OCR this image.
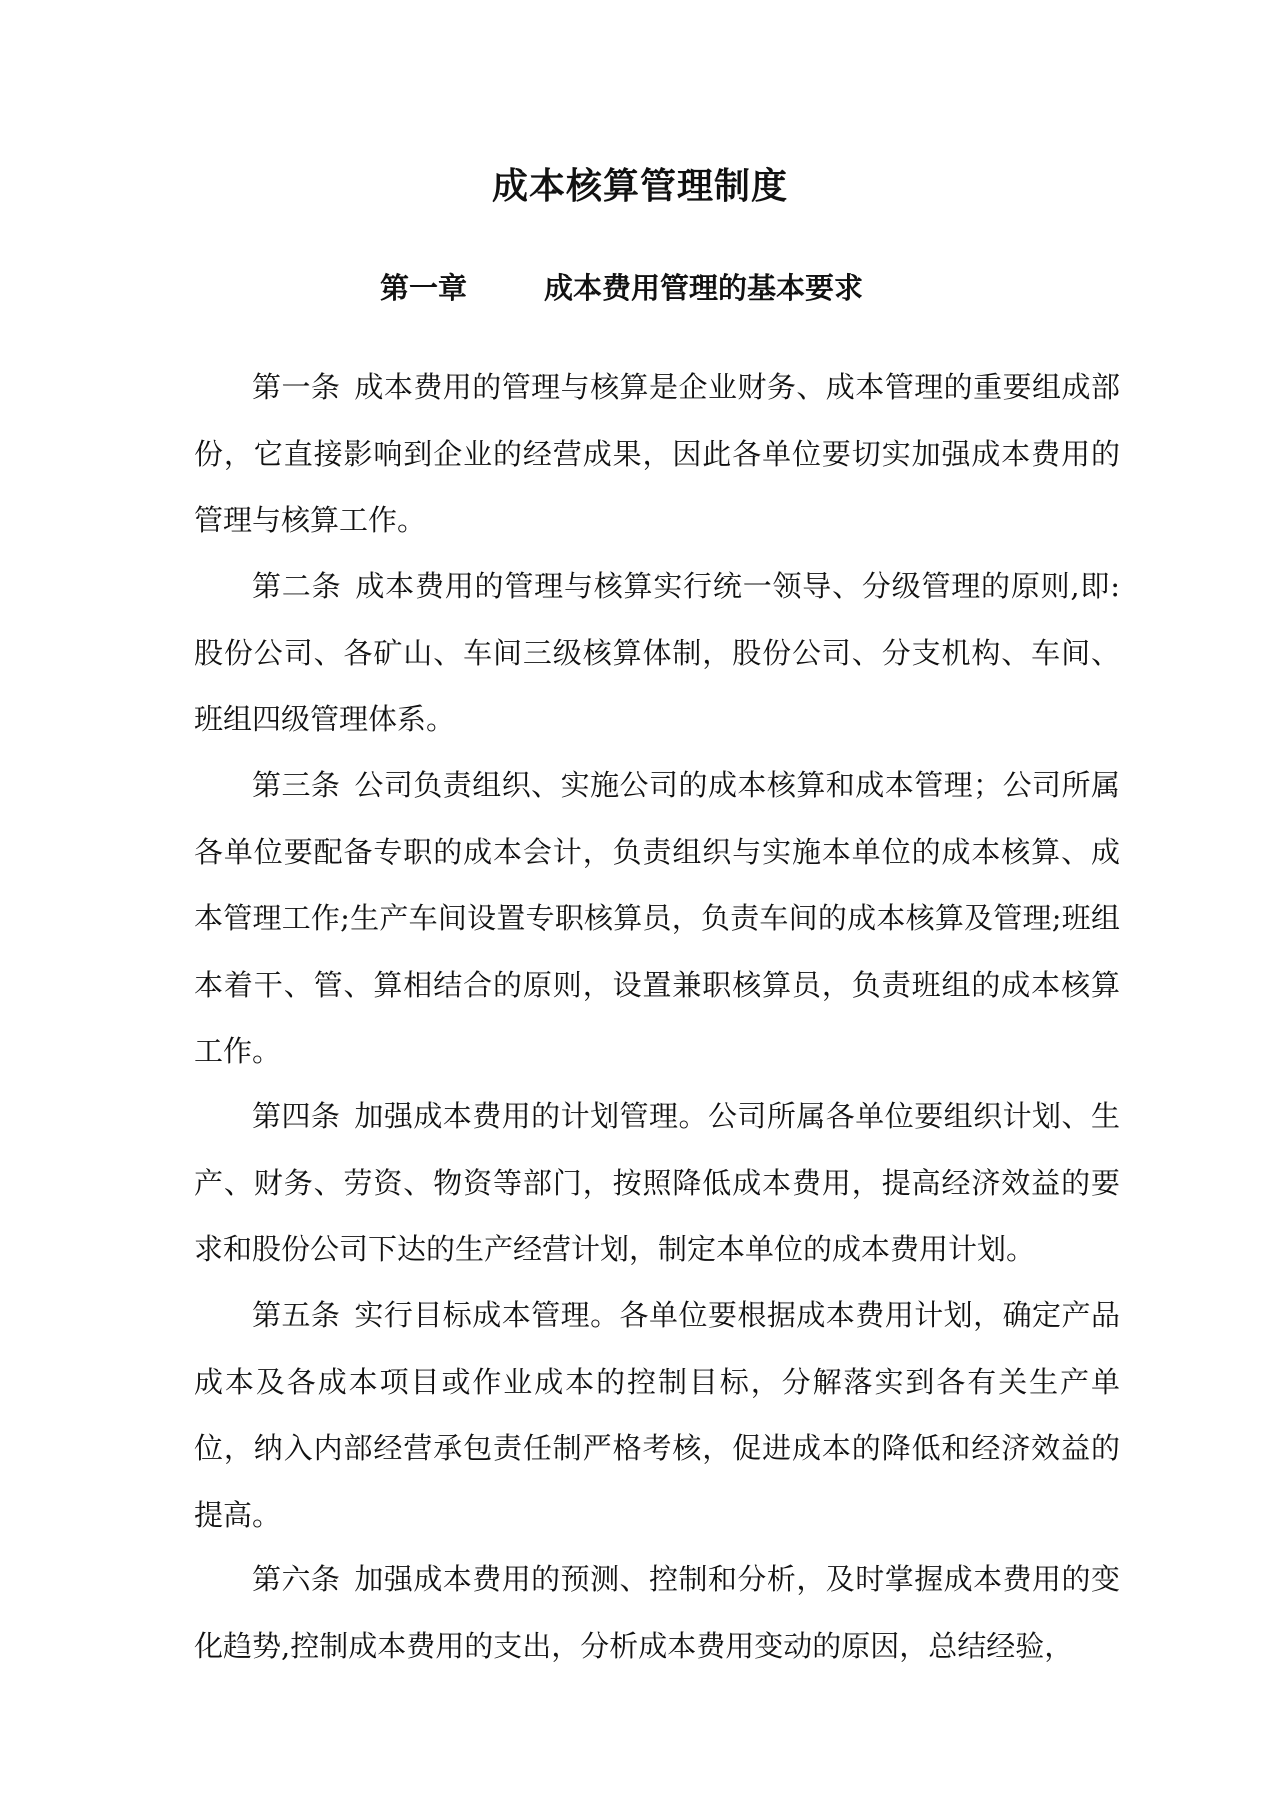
成本核算管理制度
第一章	成本费用管理的基本要求

第一条 成本费用的管理与核算是企业财务、成本管理的重要组成部份，它直接影响到企业的经营成果，因此各单位要切实加强成本费用的管理与核算工作。

第二条 成本费用的管理与核算实行统一领导、分级管理的原则,即:股份公司、各矿山、车间三级核算体制，股份公司、分支机构、车间、班组四级管理体系。

第三条 公司负责组织、实施公司的成本核算和成本管理；公司所属各单位要配备专职的成本会计，负责组织与实施本单位的成本核算、成本管理工作;生产车间设置专职核算员，负责车间的成本核算及管理;班组本着干、管、算相结合的原则，设置兼职核算员，负责班组的成本核算工作。

第四条 加强成本费用的计划管理。公司所属各单位要组织计划、生产、财务、劳资、物资等部门，按照降低成本费用，提高经济效益的要求和股份公司下达的生产经营计划，制定本单位的成本费用计划。

第五条 实行目标成本管理。各单位要根据成本费用计划，确定产品成本及各成本项目或作业成本的控制目标，分解落实到各有关生产单位，纳入内部经营承包责任制严格考核，促进成本的降低和经济效益的提高。

第六条 加强成本费用的预测、控制和分析，及时掌握成本费用的变化趋势,控制成本费用的支出，分析成本费用变动的原因，总结经验，
